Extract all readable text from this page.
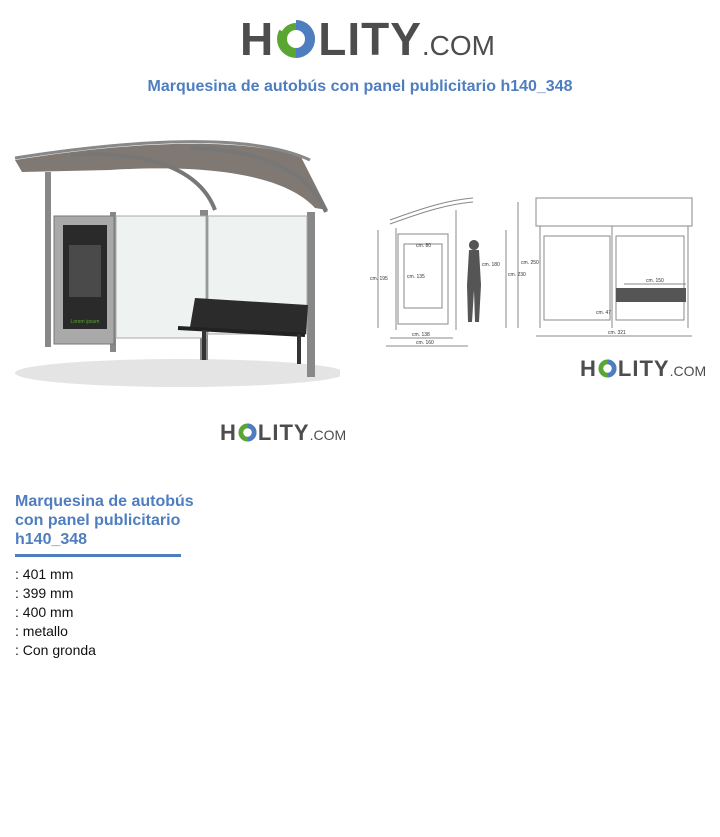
H LITY .COM
Marquesina de autobús con panel publicitario h140_348
Lorem ipsum
cm. 195
cm. 80
cm. 135
cm. 180
cm. 230
cm. 250
cm. 138
cm. 160
cm. 150
cm. 47
cm. 321
H LITY .COM
H LITY .COM
Marquesina de autobús con panel publicitario h140_348
: 401 mm
: 399 mm
: 400 mm
: metallo
: Con gronda
